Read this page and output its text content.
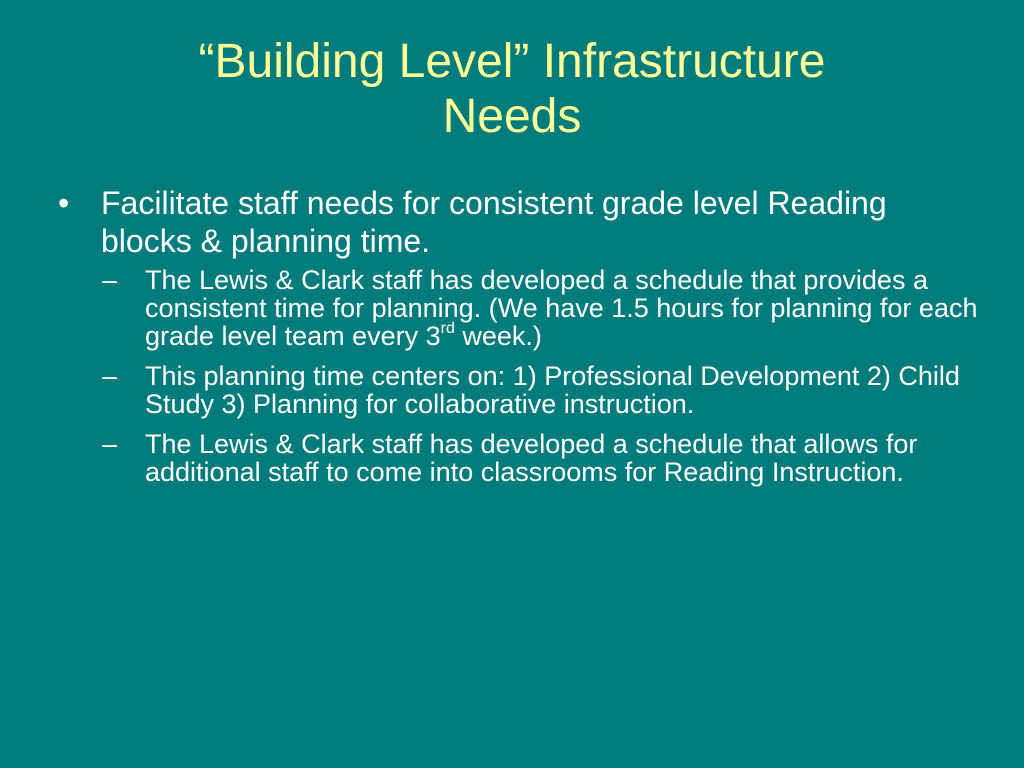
“Building Level” Infrastructure
Needs
• Facilitate staff needs for consistent grade level Reading blocks & planning time.
– The Lewis & Clark staff has developed a schedule that provides a consistent time for planning. (We have 1.5 hours for planning for each grade level team every 3rd week.)
– This planning time centers on: 1) Professional Development 2) Child Study 3) Planning for collaborative instruction.
– The Lewis & Clark staff has developed a schedule that allows for additional staff to come into classrooms for Reading Instruction.
